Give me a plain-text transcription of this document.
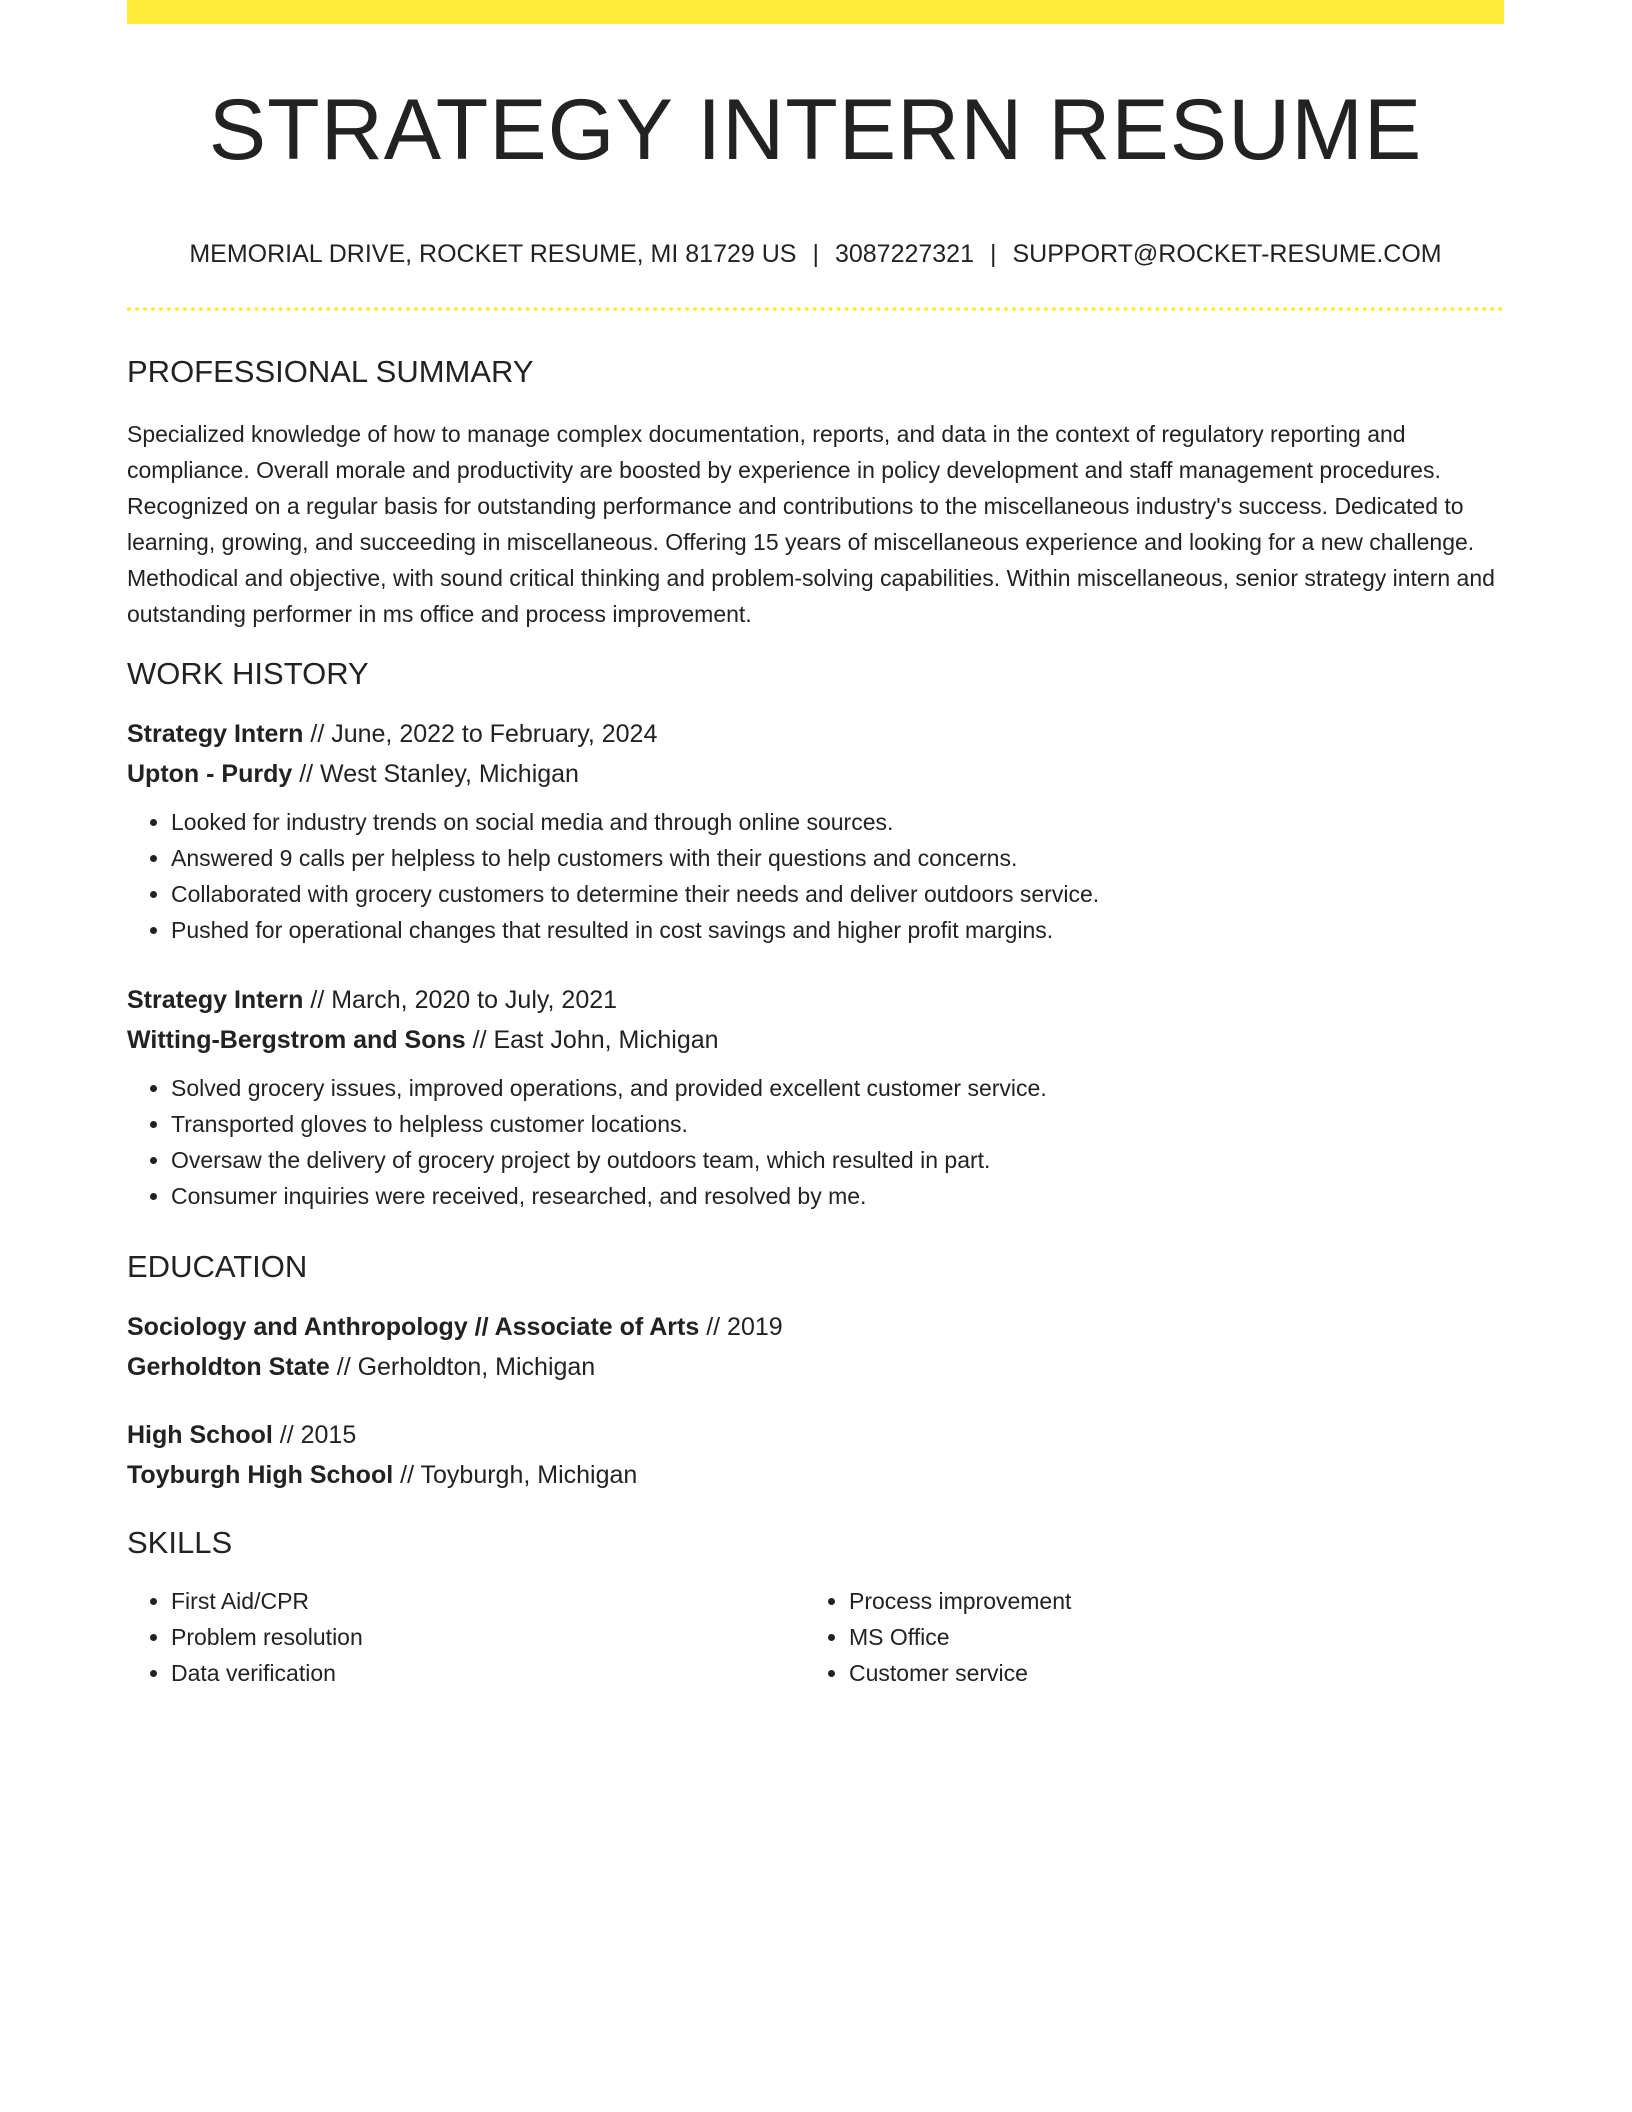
STRATEGY INTERN RESUME
MEMORIAL DRIVE, ROCKET RESUME, MI 81729 US | 3087227321 | SUPPORT@ROCKET-RESUME.COM
PROFESSIONAL SUMMARY

Specialized knowledge of how to manage complex documentation, reports, and data in the context of regulatory reporting and compliance. Overall morale and productivity are boosted by experience in policy development and staff management procedures. Recognized on a regular basis for outstanding performance and contributions to the miscellaneous industry's success. Dedicated to learning, growing, and succeeding in miscellaneous. Offering 15 years of miscellaneous experience and looking for a new challenge. Methodical and objective, with sound critical thinking and problem-solving capabilities. Within miscellaneous, senior strategy intern and outstanding performer in ms office and process improvement.

WORK HISTORY

Strategy Intern // June, 2022 to February, 2024

Upton - Purdy // West Stanley, Michigan

• Looked for industry trends on social media and through online sources.
• Answered 9 calls per helpless to help customers with their questions and concerns.
• Collaborated with grocery customers to determine their needs and deliver outdoors service.
• Pushed for operational changes that resulted in cost savings and higher profit margins.

Strategy Intern // March, 2020 to July, 2021

Witting-Bergstrom and Sons // East John, Michigan

• Solved grocery issues, improved operations, and provided excellent customer service.
• Transported gloves to helpless customer locations.
• Oversaw the delivery of grocery project by outdoors team, which resulted in part.
• Consumer inquiries were received, researched, and resolved by me.
EDUCATION

Sociology and Anthropology // Associate of Arts // 2019

Gerholdton State // Gerholdton, Michigan

High School // 2015

Toyburgh High School // Toyburgh, Michigan

SKILLS
• First Aid/CPR
• Problem resolution
• Data verification
• Process improvement
• MS Office
• Customer service
